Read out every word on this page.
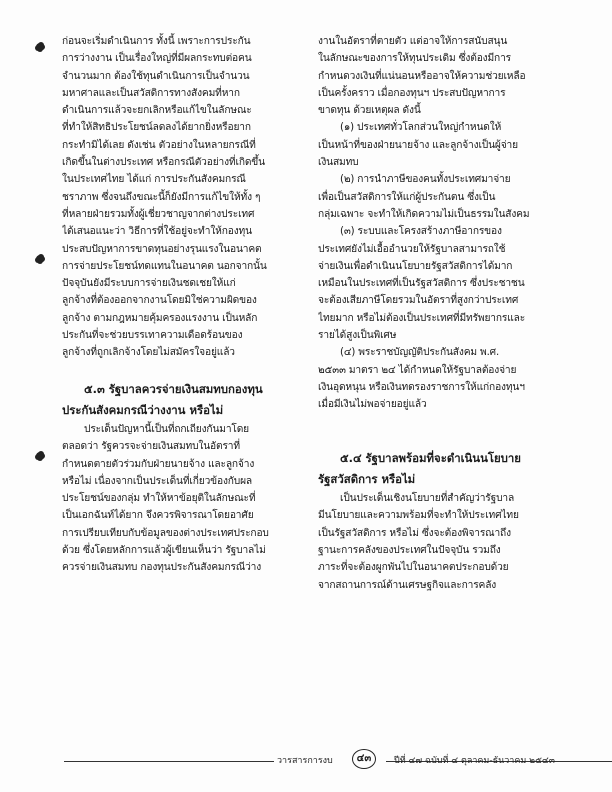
ก่อนจะเริ่มดำเนินการ ทั้งนี้ เพราะการประกัน
การว่างงาน เป็นเรื่องใหญ่ที่มีผลกระทบต่อคน
จำนวนมาก ต้องใช้ทุนดำเนินการเป็นจำนวน
มหาศาลและเป็นสวัสดิการทางสังคมที่หาก
ดำเนินการแล้วจะยกเลิกหรือแก้ไขในลักษณะ
ที่ทำให้สิทธิประโยชน์ลดลงได้ยากยิ่งหรือยาก
กระทำมิได้เลย ดังเช่น ตัวอย่างในหลายกรณีที่
เกิดขึ้นในต่างประเทศ หรือกรณีตัวอย่างที่เกิดขึ้น
ในประเทศไทย ได้แก่ การประกันสังคมกรณี
ชราภาพ ซึ่งจนถึงขณะนี้ก็ยังมีการแก้ไขให้ทั้ง ๆ
ที่หลายฝ่ายรวมทั้งผู้เชี่ยวชาญจากต่างประเทศ
ได้เสนอแนะว่า วิธีการที่ใช้อยู่จะทำให้กองทุน
ประสบปัญหาการขาดทุนอย่างรุนแรงในอนาคต
การจ่ายประโยชน์ทดแทนในอนาคต นอกจากนั้น
ปัจจุบันยังมีระบบการจ่ายเงินชดเชยให้แก่
ลูกจ้างที่ต้องออกจากงานโดยมิใช่ความผิดของ
ลูกจ้าง ตามกฎหมายคุ้มครองแรงงาน เป็นหลัก
ประกันที่จะช่วยบรรเทาความเดือดร้อนของ
ลูกจ้างที่ถูกเลิกจ้างโดยไม่สมัครใจอยู่แล้ว
๕.๓ รัฐบาลควรจ่ายเงินสมทบกองทุน
ประกันสังคมกรณีว่างงาน หรือไม่
ประเด็นปัญหานี้เป็นที่ถกเถียงกันมาโดย
ตลอดว่า รัฐควรจะจ่ายเงินสมทบในอัตราที่
กำหนดตายตัวร่วมกับฝ่ายนายจ้าง และลูกจ้าง
หรือไม่ เนื่องจากเป็นประเด็นที่เกี่ยวข้องกับผล
ประโยชน์ของกลุ่ม ทำให้หาข้อยุติในลักษณะที่
เป็นเอกฉันท์ได้ยาก จึงควรพิจารณาโดยอาศัย
การเปรียบเทียบกับข้อมูลของต่างประเทศประกอบ
ด้วย ซึ่งโดยหลักการแล้วผู้เขียนเห็นว่า รัฐบาลไม่
ควรจ่ายเงินสมทบ กองทุนประกันสังคมกรณีว่าง
งานในอัตราที่ตายตัว แต่อาจให้การสนับสนุน
ในลักษณะของการให้ทุนประเดิม ซึ่งต้องมีการ
กำหนดวงเงินที่แน่นอนหรืออาจให้ความช่วยเหลือ
เป็นครั้งคราว เมื่อกองทุนฯ ประสบปัญหาการ
ขาดทุน ด้วยเหตุผล ดังนี้
(๑) ประเทศทั่วโลกส่วนใหญ่กำหนดให้
เป็นหน้าที่ของฝ่ายนายจ้าง และลูกจ้างเป็นผู้จ่าย
เงินสมทบ
(๒) การนำภาษีของคนทั้งประเทศมาจ่าย
เพื่อเป็นสวัสดิการให้แก่ผู้ประกันตน ซึ่งเป็น
กลุ่มเฉพาะ จะทำให้เกิดความไม่เป็นธรรมในสังคม
(๓) ระบบและโครงสร้างภาษีอากรของ
ประเทศยังไม่เอื้ออำนวยให้รัฐบาลสามารถใช้
จ่ายเงินเพื่อดำเนินนโยบายรัฐสวัสดิการได้มาก
เหมือนในประเทศที่เป็นรัฐสวัสดิการ ซึ่งประชาชน
จะต้องเสียภาษีโดยรวมในอัตราที่สูงกว่าประเทศ
ไทยมาก หรือไม่ต้องเป็นประเทศที่มีทรัพยากรและ
รายได้สูงเป็นพิเศษ
(๔) พระราชบัญญัติประกันสังคม พ.ศ.
๒๕๓๓ มาตรา ๒๔ ได้กำหนดให้รัฐบาลต้องจ่าย
เงินอุดหนุน หรือเงินทดรองราชการให้แก่กองทุนฯ
เมื่อมีเงินไม่พอจ่ายอยู่แล้ว
๕.๔ รัฐบาลพร้อมที่จะดำเนินนโยบาย
รัฐสวัสดิการ หรือไม่
เป็นประเด็นเชิงนโยบายที่สำคัญว่ารัฐบาล
มีนโยบายและความพร้อมที่จะทำให้ประเทศไทย
เป็นรัฐสวัสดิการ หรือไม่ ซึ่งจะต้องพิจารณาถึง
ฐานะการคลังของประเทศในปัจจุบัน รวมถึง
ภาระที่จะต้องผูกพันไปในอนาคตประกอบด้วย
จากสถานการณ์ด้านเศรษฐกิจและการคลัง
วารสารการงบ	๔๓	ปีที่ ๔๗ ฉบับที่ ๔ ตุลาคม-ธันวาคม ๒๕๔๓
